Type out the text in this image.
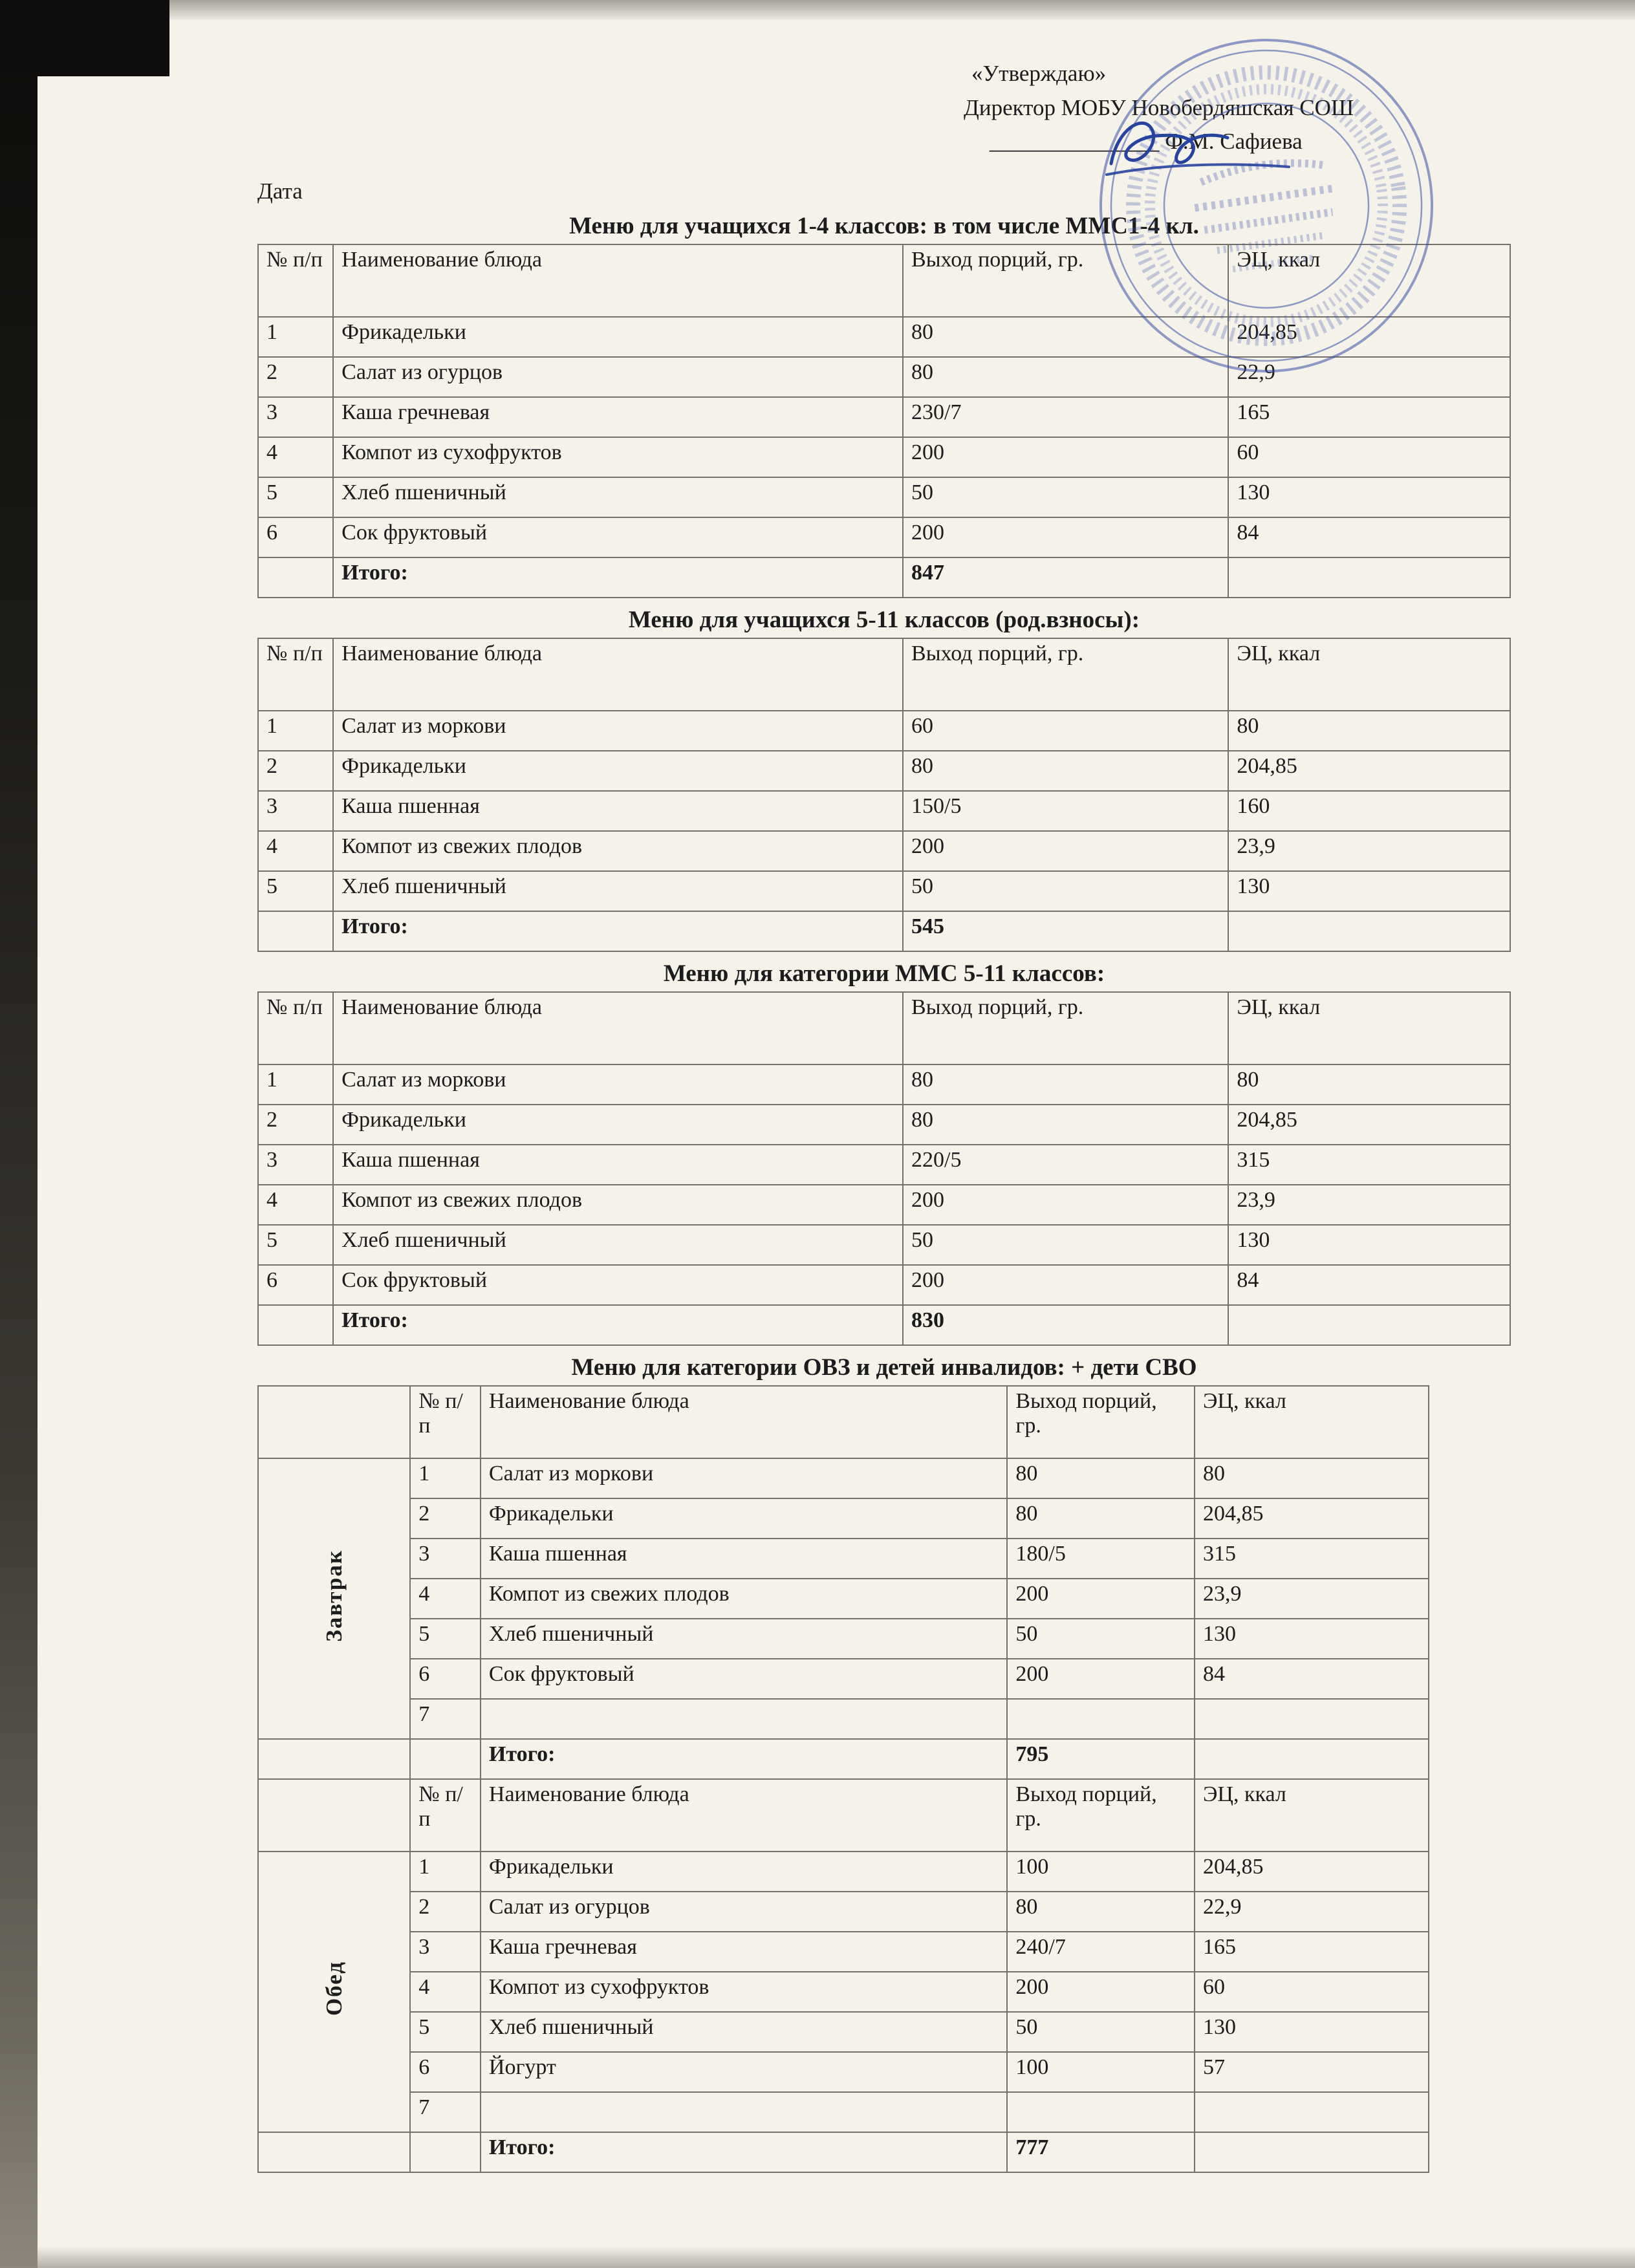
«Утверждаю»
Директор МОБУ Новобердяшская СОШ
_______________ Ф.М. Сафиева
Дата
Меню для учащихся 1-4 классов: в том числе ММС1-4 кл.
№ п/п	Наименование блюда	Выход порций, гр.	ЭЦ, ккал
1	Фрикадельки	80	204,85
2	Салат из огурцов	80	22,9
3	Каша гречневая	230/7	165
4	Компот из сухофруктов	200	60
5	Хлеб пшеничный	50	130
6	Сок фруктовый	200	84
	Итого:	847	
Меню для учащихся 5-11 классов (род.взносы):
№ п/п	Наименование блюда	Выход порций, гр.	ЭЦ, ккал
1	Салат из моркови	60	80
2	Фрикадельки	80	204,85
3	Каша пшенная	150/5	160
4	Компот из свежих плодов	200	23,9
5	Хлеб пшеничный	50	130
	Итого:	545	
Меню для категории ММС 5-11 классов:
№ п/п	Наименование блюда	Выход порций, гр.	ЭЦ, ккал
1	Салат из моркови	80	80
2	Фрикадельки	80	204,85
3	Каша пшенная	220/5	315
4	Компот из свежих плодов	200	23,9
5	Хлеб пшеничный	50	130
6	Сок фруктовый	200	84
	Итого:	830	
Меню для категории ОВЗ и детей инвалидов: + дети СВО
	№ п/п	Наименование блюда	Выход порций, гр.	ЭЦ, ккал
Завтрак	1	Салат из моркови	80	80
	2	Фрикадельки	80	204,85
	3	Каша пшенная	180/5	315
	4	Компот из свежих плодов	200	23,9
	5	Хлеб пшеничный	50	130
	6	Сок фруктовый	200	84
	7			
		Итого:	795	
	№ п/п	Наименование блюда	Выход порций, гр.	ЭЦ, ккал
Обед	1	Фрикадельки	100	204,85
	2	Салат из огурцов	80	22,9
	3	Каша гречневая	240/7	165
	4	Компот из сухофруктов	200	60
	5	Хлеб пшеничный	50	130
	6	Йогурт	100	57
	7			
		Итого:	777	
